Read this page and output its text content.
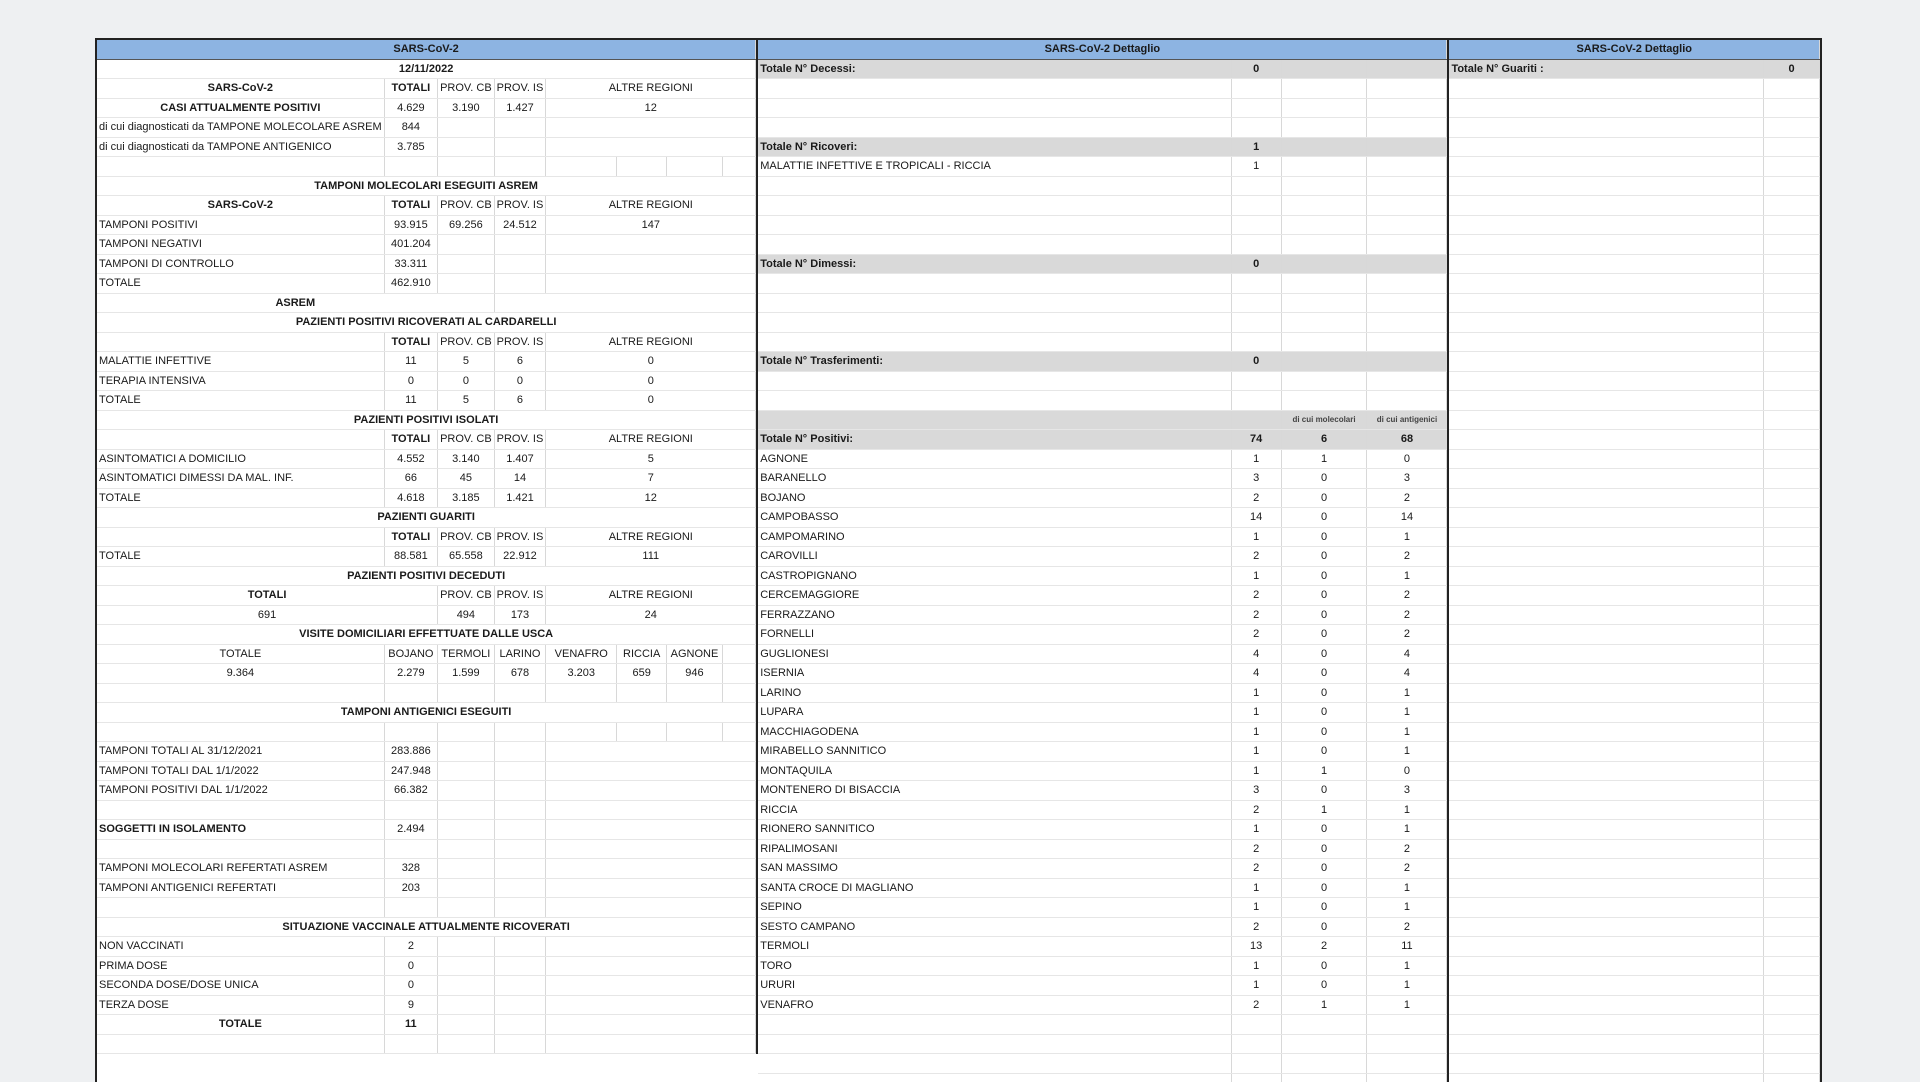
SARS-CoV-2							
12/11/2022							
SARS-CoV-2	TOTALI	PROV. CB	PROV. IS	ALTRE REGIONI			
CASI ATTUALMENTE POSITIVI	4.629	3.190	1.427	12			
di cui diagnosticati da TAMPONE MOLECOLARE ASREM	844						
di cui diagnosticati da TAMPONE ANTIGENICO	3.785						

TAMPONI MOLECOLARI ESEGUITI ASREM							
SARS-CoV-2	TOTALI	PROV. CB	PROV. IS	ALTRE REGIONI			
TAMPONI POSITIVI	93.915	69.256	24.512	147			
TAMPONI NEGATIVI	401.204						
TAMPONI DI CONTROLLO	33.311						
TOTALE	462.910						
ASREM							
PAZIENTI POSITIVI RICOVERATI AL CARDARELLI							
	TOTALI	PROV. CB	PROV. IS	ALTRE REGIONI			
MALATTIE INFETTIVE	11	5	6	0			
TERAPIA INTENSIVA	0	0	0	0			
TOTALE	11	5	6	0			
PAZIENTI POSITIVI ISOLATI							
	TOTALI	PROV. CB	PROV. IS	ALTRE REGIONI			
ASINTOMATICI A DOMICILIO	4.552	3.140	1.407	5			
ASINTOMATICI DIMESSI DA MAL. INF.	66	45	14	7			
TOTALE	4.618	3.185	1.421	12			
PAZIENTI GUARITI							
	TOTALI	PROV. CB	PROV. IS	ALTRE REGIONI			
TOTALE	88.581	65.558	22.912	111			
PAZIENTI POSITIVI DECEDUTI							
TOTALI		PROV. CB	PROV. IS	ALTRE REGIONI			
691		494	173	24			
VISITE DOMICILIARI EFFETTUATE DALLE USCA							
TOTALE	BOJANO	TERMOLI	LARINO	VENAFRO	RICCIA	AGNONE	
9.364	2.279	1.599	678	3.203	659	946	

TAMPONI ANTIGENICI ESEGUITI							

TAMPONI TOTALI AL 31/12/2021	283.886						
TAMPONI TOTALI DAL 1/1/2022	247.948						
TAMPONI POSITIVI DAL 1/1/2022	66.382						

SOGGETTI IN ISOLAMENTO	2.494						

TAMPONI MOLECOLARI REFERTATI ASREM	328						
TAMPONI ANTIGENICI REFERTATI	203						

SITUAZIONE VACCINALE ATTUALMENTE RICOVERATI							
NON VACCINATI	2						
PRIMA DOSE	0						
SECONDA DOSE/DOSE UNICA	0						
TERZA DOSE	9						
TOTALE	11						

SARS-CoV-2 Dettaglio			
Totale N° Decessi:	0		

Totale N° Ricoveri:	1		
MALATTIE INFETTIVE E TROPICALI - RICCIA	1		

Totale N° Dimessi:	0		

Totale N° Trasferimenti:	0		

		di cui molecolari	di cui antigenici
Totale N° Positivi:	74	6	68
AGNONE	1	1	0
BARANELLO	3	0	3
BOJANO	2	0	2
CAMPOBASSO	14	0	14
CAMPOMARINO	1	0	1
CAROVILLI	2	0	2
CASTROPIGNANO	1	0	1
CERCEMAGGIORE	2	0	2
FERRAZZANO	2	0	2
FORNELLI	2	0	2
GUGLIONESI	4	0	4
ISERNIA	4	0	4
LARINO	1	0	1
LUPARA	1	0	1
MACCHIAGODENA	1	0	1
MIRABELLO SANNITICO	1	0	1
MONTAQUILA	1	1	0
MONTENERO DI BISACCIA	3	0	3
RICCIA	2	1	1
RIONERO SANNITICO	1	0	1
RIPALIMOSANI	2	0	2
SAN MASSIMO	2	0	2
SANTA CROCE DI MAGLIANO	1	0	1
SEPINO	1	0	1
SESTO CAMPANO	2	0	2
TERMOLI	13	2	11
TORO	1	0	1
URURI	1	0	1
VENAFRO	2	1	1

SARS-CoV-2 Dettaglio	
Totale N° Guariti :	0
